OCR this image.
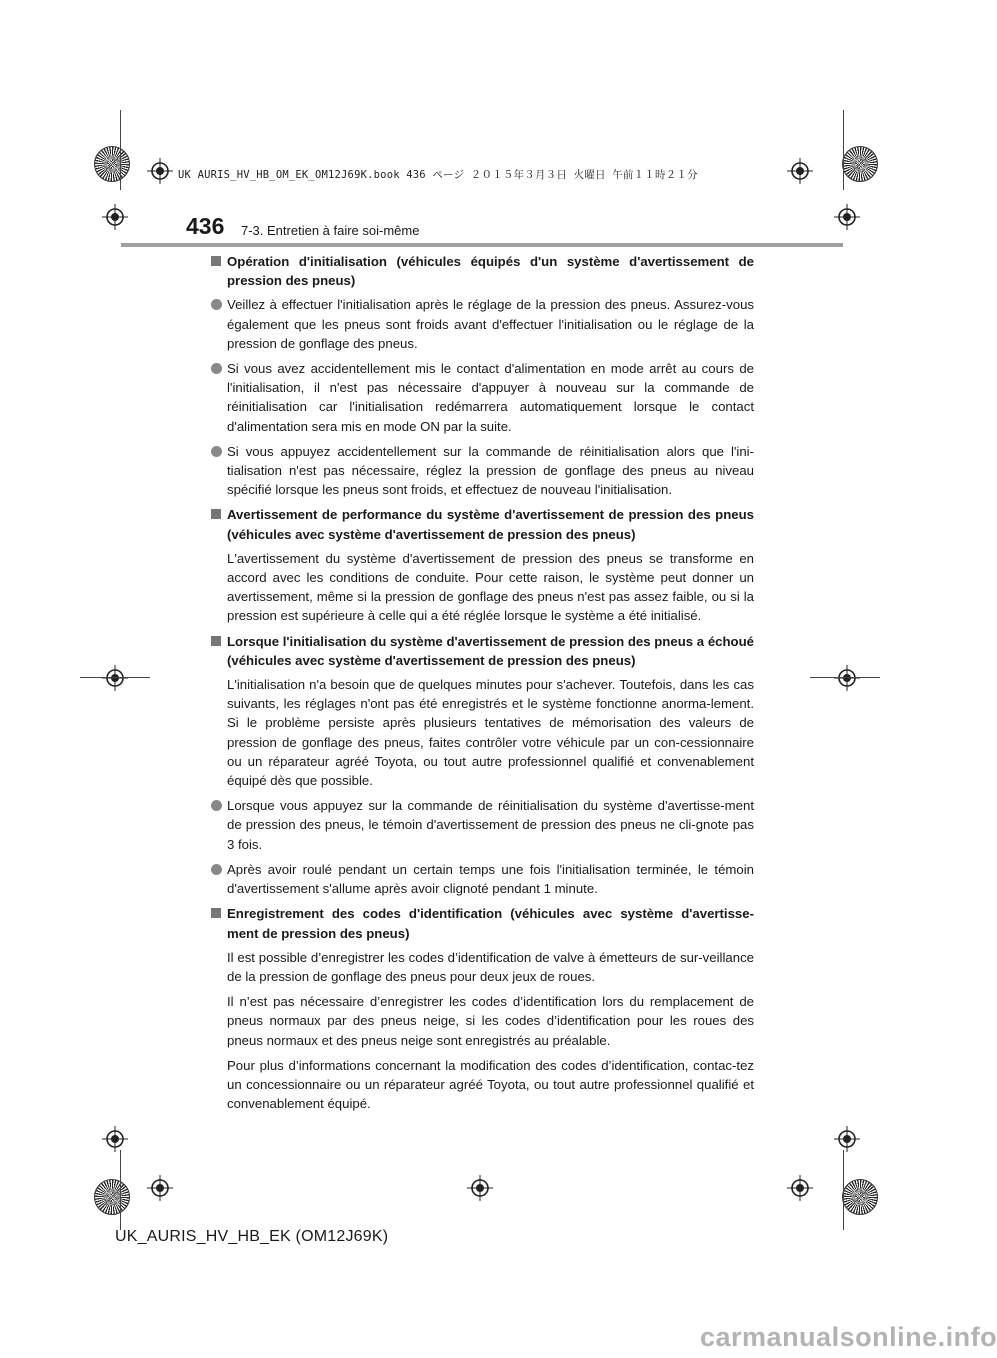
UK AURIS_HV_HB_OM_EK_OM12J69K.book 436 ページ ２０１５年３月３日 火曜日 午前１１時２１分
436 7-3. Entretien à faire soi-même
Opération d'initialisation (véhicules équipés d'un système d'avertissement de pression des pneus)
Veillez à effectuer l'initialisation après le réglage de la pression des pneus. Assurez-vous également que les pneus sont froids avant d'effectuer l'initialisation ou le réglage de la pression de gonflage des pneus.
Si vous avez accidentellement mis le contact d'alimentation en mode arrêt au cours de l'initialisation, il n'est pas nécessaire d'appuyer à nouveau sur la commande de réinitialisation car l'initialisation redémarrera automatiquement lorsque le contact d'alimentation sera mis en mode ON par la suite.
Si vous appuyez accidentellement sur la commande de réinitialisation alors que l'ini-tialisation n'est pas nécessaire, réglez la pression de gonflage des pneus au niveau spécifié lorsque les pneus sont froids, et effectuez de nouveau l'initialisation.
Avertissement de performance du système d'avertissement de pression des pneus (véhicules avec système d'avertissement de pression des pneus)
L'avertissement du système d'avertissement de pression des pneus se transforme en accord avec les conditions de conduite. Pour cette raison, le système peut donner un avertissement, même si la pression de gonflage des pneus n'est pas assez faible, ou si la pression est supérieure à celle qui a été réglée lorsque le système a été initialisé.
Lorsque l'initialisation du système d'avertissement de pression des pneus a échoué (véhicules avec système d'avertissement de pression des pneus)
L'initialisation n'a besoin que de quelques minutes pour s'achever. Toutefois, dans les cas suivants, les réglages n'ont pas été enregistrés et le système fonctionne anorma-lement. Si le problème persiste après plusieurs tentatives de mémorisation des valeurs de pression de gonflage des pneus, faites contrôler votre véhicule par un con-cessionnaire ou un réparateur agréé Toyota, ou tout autre professionnel qualifié et convenablement équipé dès que possible.
Lorsque vous appuyez sur la commande de réinitialisation du système d'avertisse-ment de pression des pneus, le témoin d'avertissement de pression des pneus ne cli-gnote pas 3 fois.
Après avoir roulé pendant un certain temps une fois l'initialisation terminée, le témoin d'avertissement s'allume après avoir clignoté pendant 1 minute.
Enregistrement des codes d'identification (véhicules avec système d'avertisse-ment de pression des pneus)
Il est possible d’enregistrer les codes d’identification de valve à émetteurs de sur-veillance de la pression de gonflage des pneus pour deux jeux de roues.
Il n’est pas nécessaire d’enregistrer les codes d’identification lors du remplacement de pneus normaux par des pneus neige, si les codes d’identification pour les roues des pneus normaux et des pneus neige sont enregistrés au préalable.
Pour plus d’informations concernant la modification des codes d’identification, contac-tez un concessionnaire ou un réparateur agréé Toyota, ou tout autre professionnel qualifié et convenablement équipé.
UK_AURIS_HV_HB_EK (OM12J69K)
carmanualsonline.info
